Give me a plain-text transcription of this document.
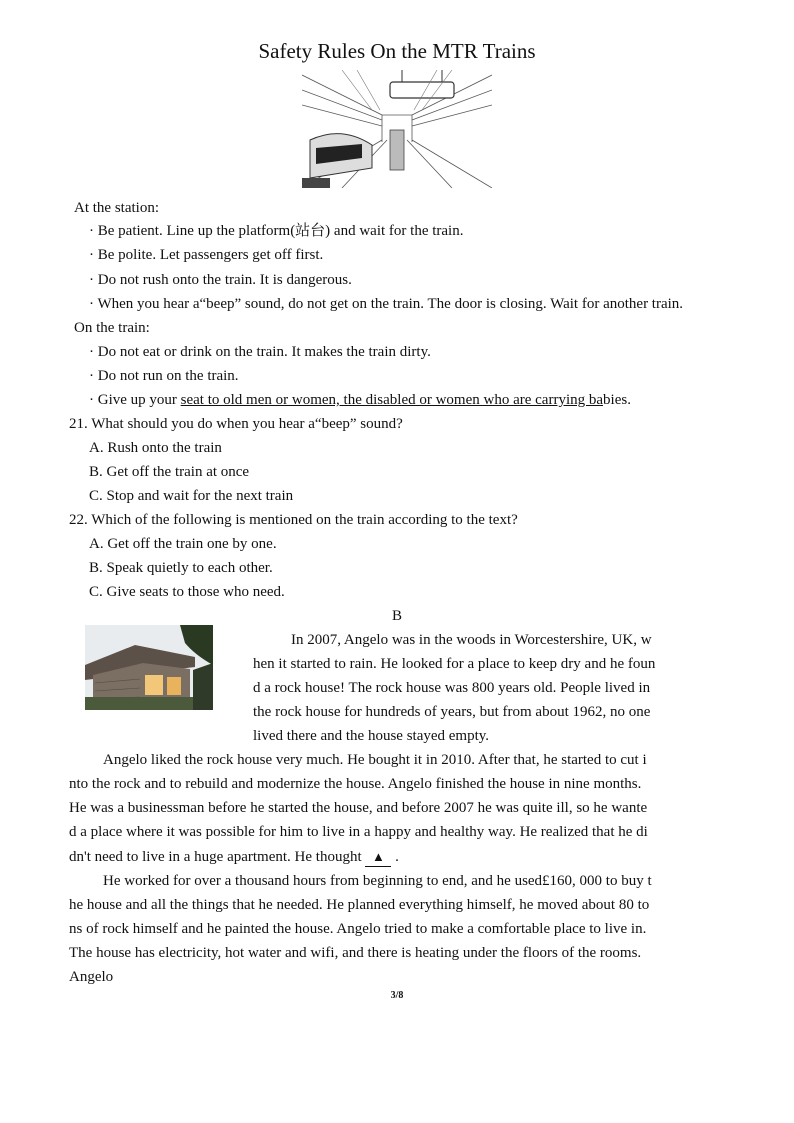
Safety Rules On the MTR Trains
At the station:
· Be patient. Line up the platform(站台) and wait for the train.
· Be polite. Let passengers get off first.
· Do not rush onto the train. It is dangerous.
· When you hear a“beep” sound, do not get on the train. The door is closing. Wait for another train.
On the train:
· Do not eat or drink on the train. It makes the train dirty.
· Do not run on the train.
· Give up your seat to old men or women, the disabled or women who are carrying babies.
21. What should you do when you hear a“beep” sound?
A. Rush onto the train
B. Get off the train at once
C. Stop and wait for the next train
22. Which of the following is mentioned on the train according to the text?
A. Get off the train one by one.
B. Speak quietly to each other.
C. Give seats to those who need.
B
In 2007, Angelo was in the woods in Worcestershire, UK, w
hen it started to rain. He looked for a place to keep dry and he foun
d a rock house! The rock house was 800 years old. People lived in
the rock house for hundreds of years, but from about 1962, no one
lived there and the house stayed empty.
Angelo liked the rock house very much. He bought it in 2010. After that, he started to cut i
nto the rock and to rebuild and modernize the house. Angelo finished the house in nine months.
He was a businessman before he started the house, and before 2007 he was quite ill, so he wante
d a place where it was possible for him to live in a happy and healthy way. He realized that he di
dn't need to live in a huge apartment. He thought ▲ .
He worked for over a thousand hours from beginning to end, and he used£160, 000 to buy t
he house and all the things that he needed. He planned everything himself, he moved about 80 to
ns of rock himself and he painted the house. Angelo tried to make a comfortable place to live in.
The house has electricity, hot water and wifi, and there is heating under the floors of the rooms.
Angelo
3/8
